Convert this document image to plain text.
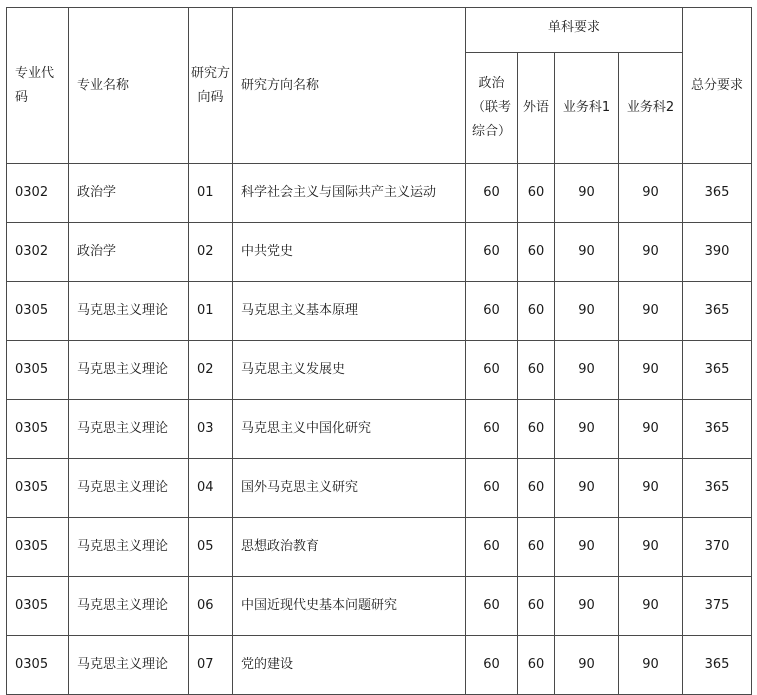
专业代码	专业名称	研究方向码	研究方向名称	单科要求				总分要求
				政治（联考综合）	外语	业务科1	业务科2	
0302	政治学	01	科学社会主义与国际共产主义运动	60	60	90	90	365
0302	政治学	02	中共党史	60	60	90	90	390
0305	马克思主义理论	01	马克思主义基本原理	60	60	90	90	365
0305	马克思主义理论	02	马克思主义发展史	60	60	90	90	365
0305	马克思主义理论	03	马克思主义中国化研究	60	60	90	90	365
0305	马克思主义理论	04	国外马克思主义研究	60	60	90	90	365
0305	马克思主义理论	05	思想政治教育	60	60	90	90	370
0305	马克思主义理论	06	中国近现代史基本问题研究	60	60	90	90	375
0305	马克思主义理论	07	党的建设	60	60	90	90	365
